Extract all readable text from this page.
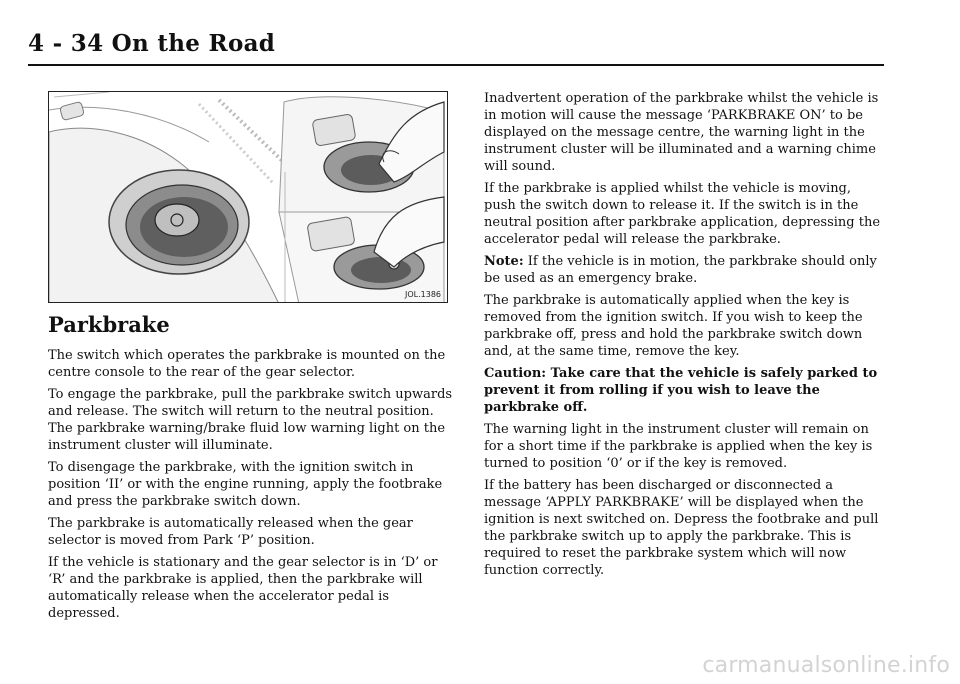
4 - 34 On the Road
JOL.1386
Parkbrake

The switch which operates the parkbrake is mounted on the centre console to the rear of the gear selector.

To engage the parkbrake, pull the parkbrake switch upwards and release. The switch will return to the neutral position.

The parkbrake warning/brake fluid low warning light on the instrument cluster will illuminate.

To disengage the parkbrake, with the ignition switch in position ‘II’ or with the engine running, apply the footbrake and press the parkbrake switch down.

The parkbrake is automatically released when the gear selector is moved from Park ‘P’ position.

If the vehicle is stationary and the gear selector is in ‘D’ or ‘R’ and the parkbrake is applied, then the parkbrake will automatically release when the accelerator pedal is depressed.

Inadvertent operation of the parkbrake whilst the vehicle is in motion will cause the message ‘PARKBRAKE ON’ to be displayed on the message centre, the warning light in the instrument cluster will be illuminated and a warning chime will sound.

If the parkbrake is applied whilst the vehicle is moving, push the switch down to release it. If the switch is in the neutral position after parkbrake application, depressing the accelerator pedal will release the parkbrake.

Note: If the vehicle is in motion, the parkbrake should only be used as an emergency brake.

The parkbrake is automatically applied when the key is removed from the ignition switch. If you wish to keep the parkbrake off, press and hold the parkbrake switch down and, at the same time, remove the key.

Caution: Take care that the vehicle is safely parked to prevent it from rolling if you wish to leave the parkbrake off.

The warning light in the instrument cluster will remain on for a short time if the parkbrake is applied when the key is turned to position ‘0’ or if the key is removed.

If the battery has been discharged or disconnected a message ‘APPLY PARKBRAKE’ will be displayed when the ignition is next switched on. Depress the footbrake and pull the parkbrake switch up to apply the parkbrake. This is required to reset the parkbrake system which will now function correctly.

carmanualsonline.info
